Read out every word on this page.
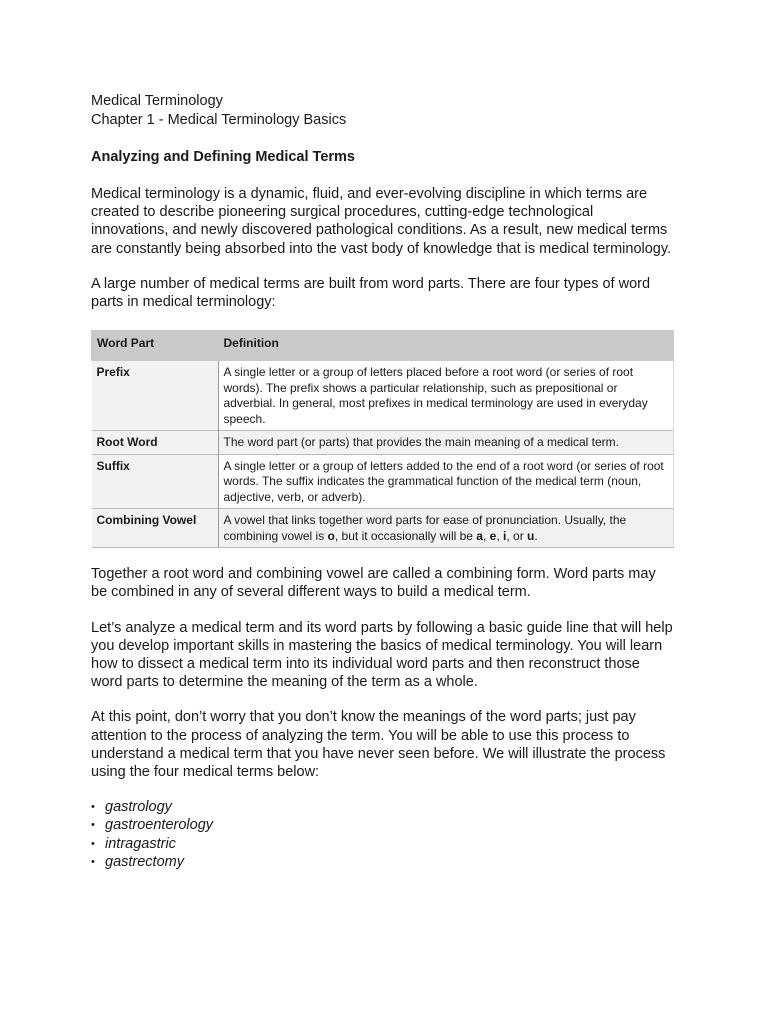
Medical Terminology

Chapter 1 - Medical Terminology Basics

Analyzing and Defining Medical Terms

Medical terminology is a dynamic, fluid, and ever-evolving discipline in which terms are created to describe pioneering surgical procedures, cutting-edge technological innovations, and newly discovered pathological conditions. As a result, new medical terms are constantly being absorbed into the vast body of knowledge that is medical terminology.

A large number of medical terms are built from word parts. There are four types of word parts in medical terminology:

Word Part	Definition
Prefix	A single letter or a group of letters placed before a root word (or series of root words). The prefix shows a particular relationship, such as prepositional or adverbial. In general, most prefixes in medical terminology are used in everyday speech.
Root Word	The word part (or parts) that provides the main meaning of a medical term.
Suffix	A single letter or a group of letters added to the end of a root word (or series of root words. The suffix indicates the grammatical function of the medical term (noun, adjective, verb, or adverb).
Combining Vowel	A vowel that links together word parts for ease of pronunciation. Usually, the combining vowel is o, but it occasionally will be a, e, i, or u.

Together a root word and combining vowel are called a combining form. Word parts may be combined in any of several different ways to build a medical term.

Let’s analyze a medical term and its word parts by following a basic guide line that will help you develop important skills in mastering the basics of medical terminology. You will learn how to dissect a medical term into its individual word parts and then reconstruct those word parts to determine the meaning of the term as a whole.

At this point, don’t worry that you don’t know the meanings of the word parts; just pay attention to the process of analyzing the term. You will be able to use this process to understand a medical term that you have never seen before. We will illustrate the process using the four medical terms below:

• gastrology
• gastroenterology
• intragastric
• gastrectomy
